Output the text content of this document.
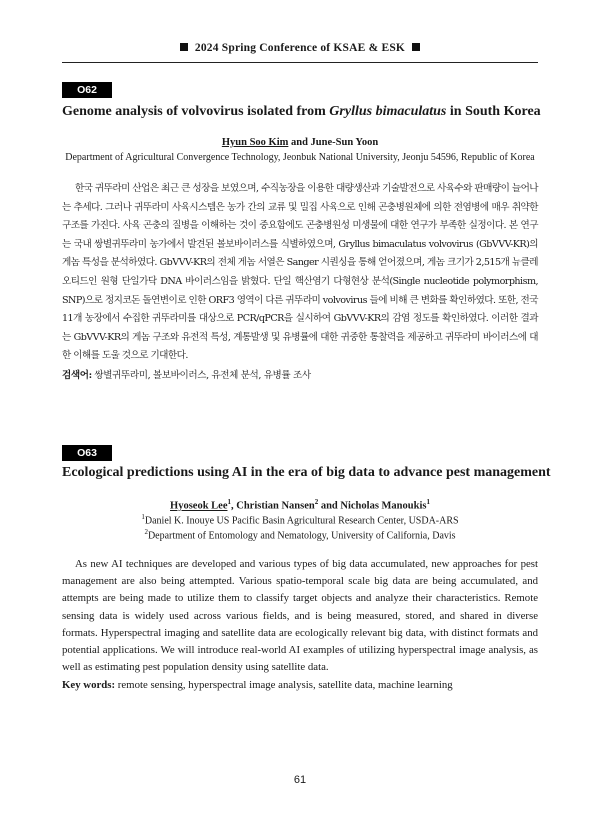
2024 Spring Conference of KSAE & ESK
O62
Genome analysis of volvovirus isolated from Gryllus bimaculatus in South Korea
Hyun Soo Kim and June-Sun Yoon
Department of Agricultural Convergence Technology, Jeonbuk National University, Jeonju 54596, Republic of Korea

한국 귀뚜라미 산업은 최근 큰 성장을 보였으며, 수직농장을 이용한 대량생산과 기술발전으로 사육수와 판매량이 늘어나는 추세다. 그러나 귀뚜라미 사육시스템은 농가 간의 교류 및 밀집 사육으로 인해 곤충병원체에 의한 전염병에 매우 취약한 구조를 가진다. 사육 곤충의 질병을 이해하는 것이 중요함에도 곤충병원성 미생물에 대한 연구가 부족한 실정이다. 본 연구는 국내 쌍별귀뚜라미 농가에서 발견된 볼보바이러스를 식별하였으며, Gryllus bimaculatus volvovirus (GbVVV-KR)의 게놈 특성을 분석하였다. GbVVV-KR의 전체 게놈 서열은 Sanger 시퀀싱을 통해 얻어졌으며, 게놈 크기가 2,515개 뉴클레오티드인 원형 단일가닥 DNA 바이러스임을 밝혔다. 단일 핵산염기 다형현상 분석(Single nucleotide polymorphism, SNP)으로 정지코돈 돌연변이로 인한 ORF3 영역이 다른 귀뚜라미 volvovirus 들에 비해 큰 변화를 확인하였다. 또한, 전국 11개 농장에서 수집한 귀뚜라미를 대상으로 PCR/qPCR을 실시하여 GbVVV-KR의 감염 정도를 확인하였다. 이러한 결과는 GbVVV-KR의 게놈 구조와 유전적 특성, 계통발생 및 유병률에 대한 귀중한 통찰력을 제공하고 귀뚜라미 바이러스에 대한 이해를 도울 것으로 기대한다.

검색어: 쌍별귀뚜라미, 볼보바이러스, 유전체 분석, 유병률 조사
O63
Ecological predictions using AI in the era of big data to advance pest management
Hyoseok Lee$^1$, Christian Nansen$^2$ and Nicholas Manoukis$^1$
$^1$Daniel K. Inouye US Pacific Basin Agricultural Research Center, USDA-ARS
$^2$Department of Entomology and Nematology, University of California, Davis

As new AI techniques are developed and various types of big data accumulated, new approaches for pest management are also being attempted. Various spatio-temporal scale big data are being accumulated, and attempts are being made to utilize them to classify target objects and analyze their characteristics. Remote sensing data is widely used across various fields, and is being measured, stored, and shared in diverse formats. Hyperspectral imaging and satellite data are ecologically relevant big data, with distinct formats and potential applications. We will introduce real-world AI examples of utilizing hyperspectral image analysis, as well as estimating pest population density using satellite data.

Key words: remote sensing, hyperspectral image analysis, satellite data, machine learning
61
